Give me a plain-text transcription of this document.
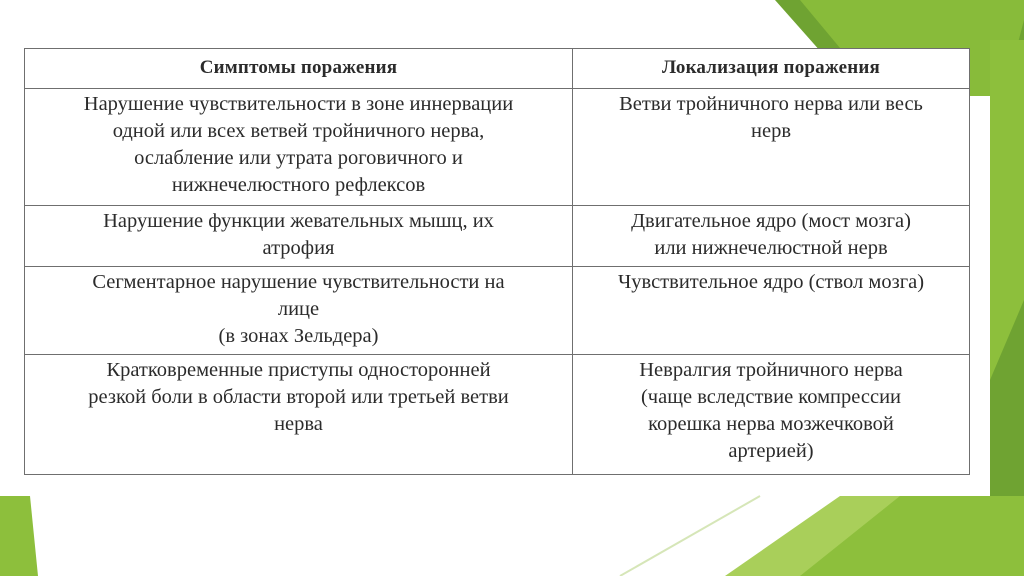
Симптомы поражения	Локализация поражения

Нарушение чувствительности в зоне иннервации
одной или всех ветвей тройничного нерва,
ослабление или утрата роговичного и
нижнечелюстного рефлексов	Ветви тройничного нерва или весь
нерв

Нарушение функции жевательных мышц, их
атрофия	Двигательное ядро (мост мозга)
или нижнечелюстной нерв

Сегментарное нарушение чувствительности на
лице
(в зонах Зельдера)	Чувствительное ядро (ствол мозга)

Кратковременные приступы односторонней
резкой боли в области второй или третьей ветви
нерва	Невралгия тройничного нерва
(чаще вследствие компрессии
корешка нерва мозжечковой
артерией)
